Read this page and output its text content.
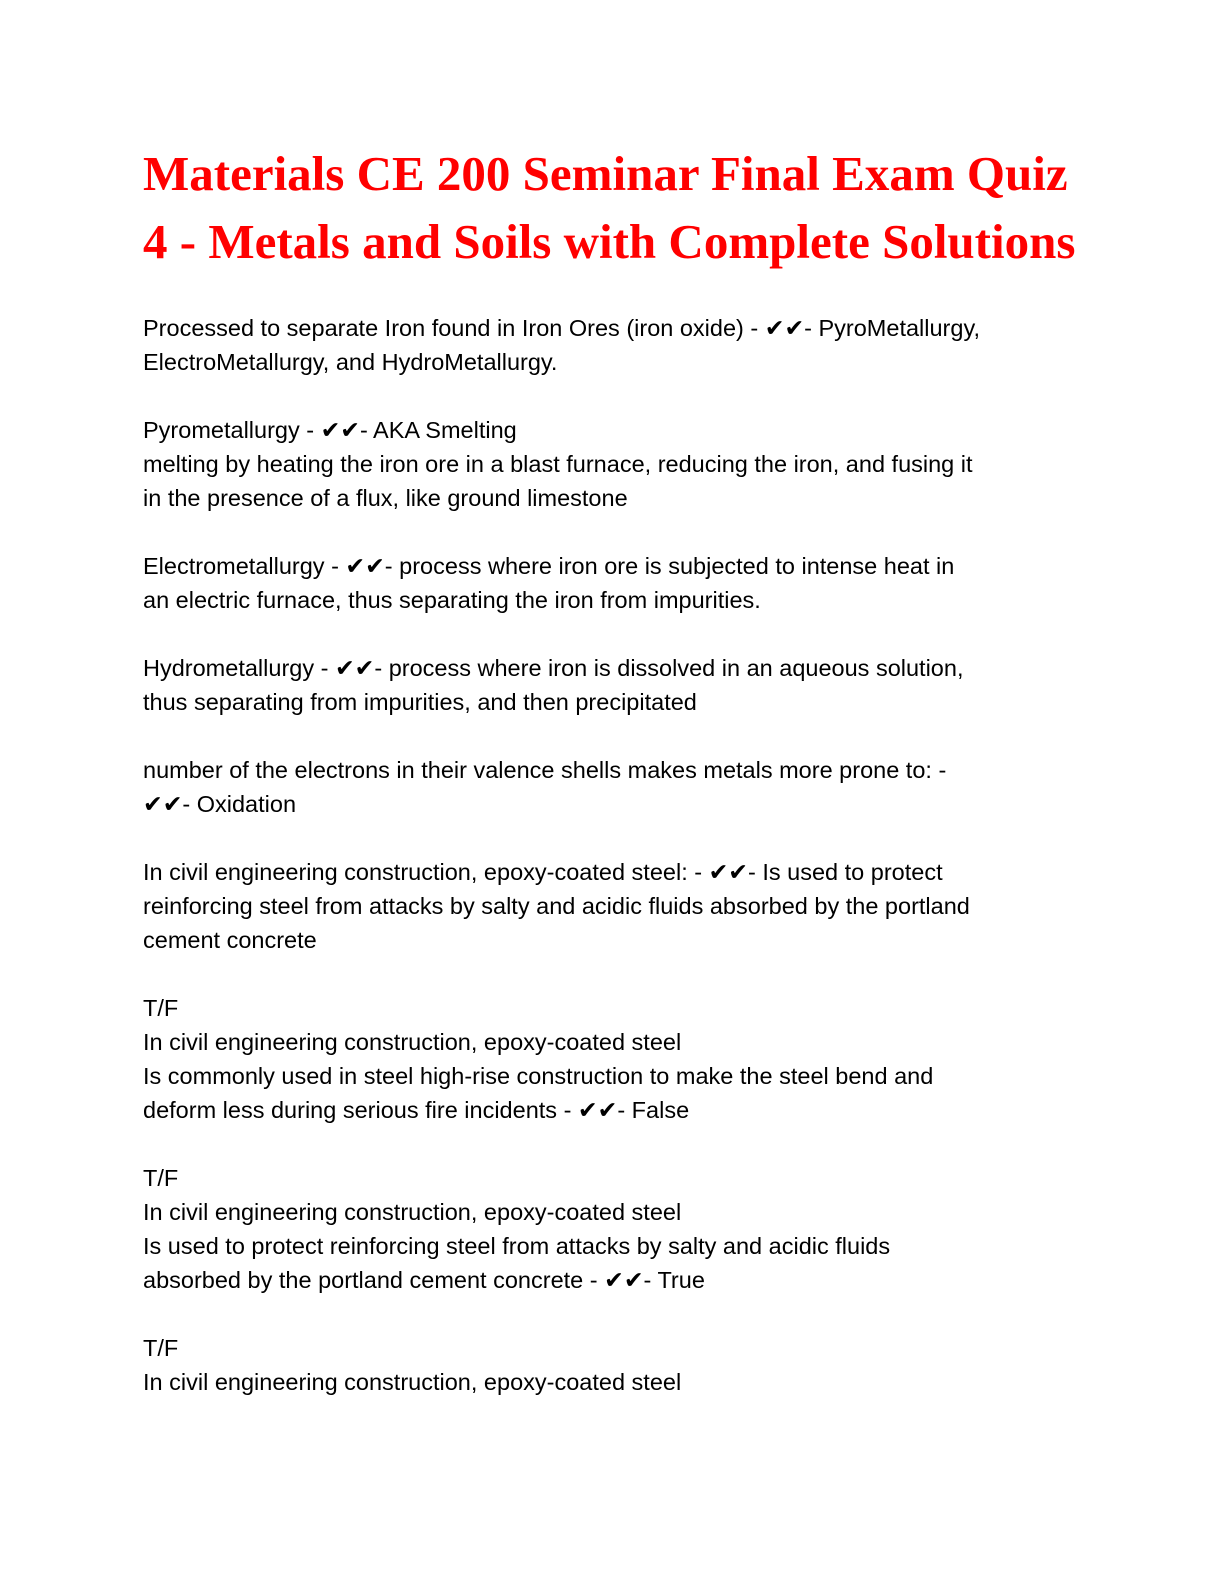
Materials CE 200 Seminar Final Exam Quiz
4 - Metals and Soils with Complete Solutions
Processed to separate Iron found in Iron Ores (iron oxide) - ✔✔- PyroMetallurgy,
ElectroMetallurgy, and HydroMetallurgy.
Pyrometallurgy - ✔✔- AKA Smelting
melting by heating the iron ore in a blast furnace, reducing the iron, and fusing it
in the presence of a flux, like ground limestone
Electrometallurgy - ✔✔- process where iron ore is subjected to intense heat in
an electric furnace, thus separating the iron from impurities.
Hydrometallurgy - ✔✔- process where iron is dissolved in an aqueous solution,
thus separating from impurities, and then precipitated
number of the electrons in their valence shells makes metals more prone to: -
✔✔- Oxidation
In civil engineering construction, epoxy-coated steel: - ✔✔- Is used to protect
reinforcing steel from attacks by salty and acidic fluids absorbed by the portland
cement concrete
T/F
In civil engineering construction, epoxy-coated steel
Is commonly used in steel high-rise construction to make the steel bend and
deform less during serious fire incidents - ✔✔- False
T/F
In civil engineering construction, epoxy-coated steel
Is used to protect reinforcing steel from attacks by salty and acidic fluids
absorbed by the portland cement concrete - ✔✔- True
T/F
In civil engineering construction, epoxy-coated steel
